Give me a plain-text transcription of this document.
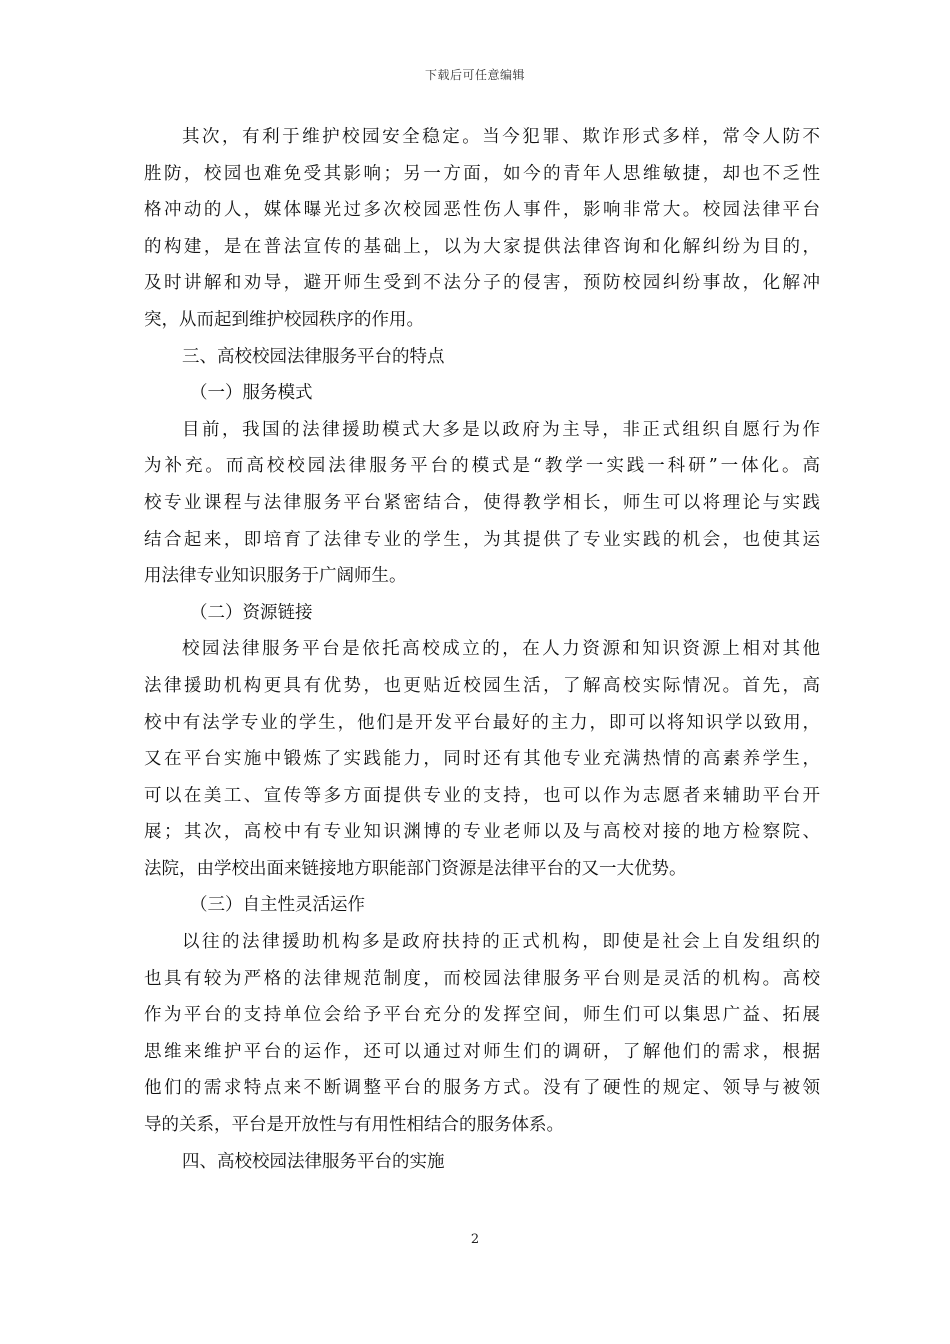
下载后可任意编辑
其次，有利于维护校园安全稳定。当今犯罪、欺诈形式多样，常令人防不
胜防，校园也难免受其影响；另一方面，如今的青年人思维敏捷，却也不乏性
格冲动的人，媒体曝光过多次校园恶性伤人事件，影响非常大。校园法律平台
的构建，是在普法宣传的基础上，以为大家提供法律咨询和化解纠纷为目的，
及时讲解和劝导，避开师生受到不法分子的侵害，预防校园纠纷事故，化解冲
突，从而起到维护校园秩序的作用。
三、高校校园法律服务平台的特点
（一）服务模式
目前，我国的法律援助模式大多是以政府为主导，非正式组织自愿行为作
为补充。而高校校园法律服务平台的模式是“教学一实践一科研”一体化。高
校专业课程与法律服务平台紧密结合，使得教学相长，师生可以将理论与实践
结合起来，即培育了法律专业的学生，为其提供了专业实践的机会，也使其运
用法律专业知识服务于广阔师生。
（二）资源链接
校园法律服务平台是依托高校成立的，在人力资源和知识资源上相对其他
法律援助机构更具有优势，也更贴近校园生活，了解高校实际情况。首先，高
校中有法学专业的学生，他们是开发平台最好的主力，即可以将知识学以致用，
又在平台实施中锻炼了实践能力，同时还有其他专业充满热情的高素养学生，
可以在美工、宣传等多方面提供专业的支持，也可以作为志愿者来辅助平台开
展；其次，高校中有专业知识渊博的专业老师以及与高校对接的地方检察院、
法院，由学校出面来链接地方职能部门资源是法律平台的又一大优势。
（三）自主性灵活运作
以往的法律援助机构多是政府扶持的正式机构，即使是社会上自发组织的
也具有较为严格的法律规范制度，而校园法律服务平台则是灵活的机构。高校
作为平台的支持单位会给予平台充分的发挥空间，师生们可以集思广益、拓展
思维来维护平台的运作，还可以通过对师生们的调研，了解他们的需求，根据
他们的需求特点来不断调整平台的服务方式。没有了硬性的规定、领导与被领
导的关系，平台是开放性与有用性相结合的服务体系。
四、高校校园法律服务平台的实施
2
